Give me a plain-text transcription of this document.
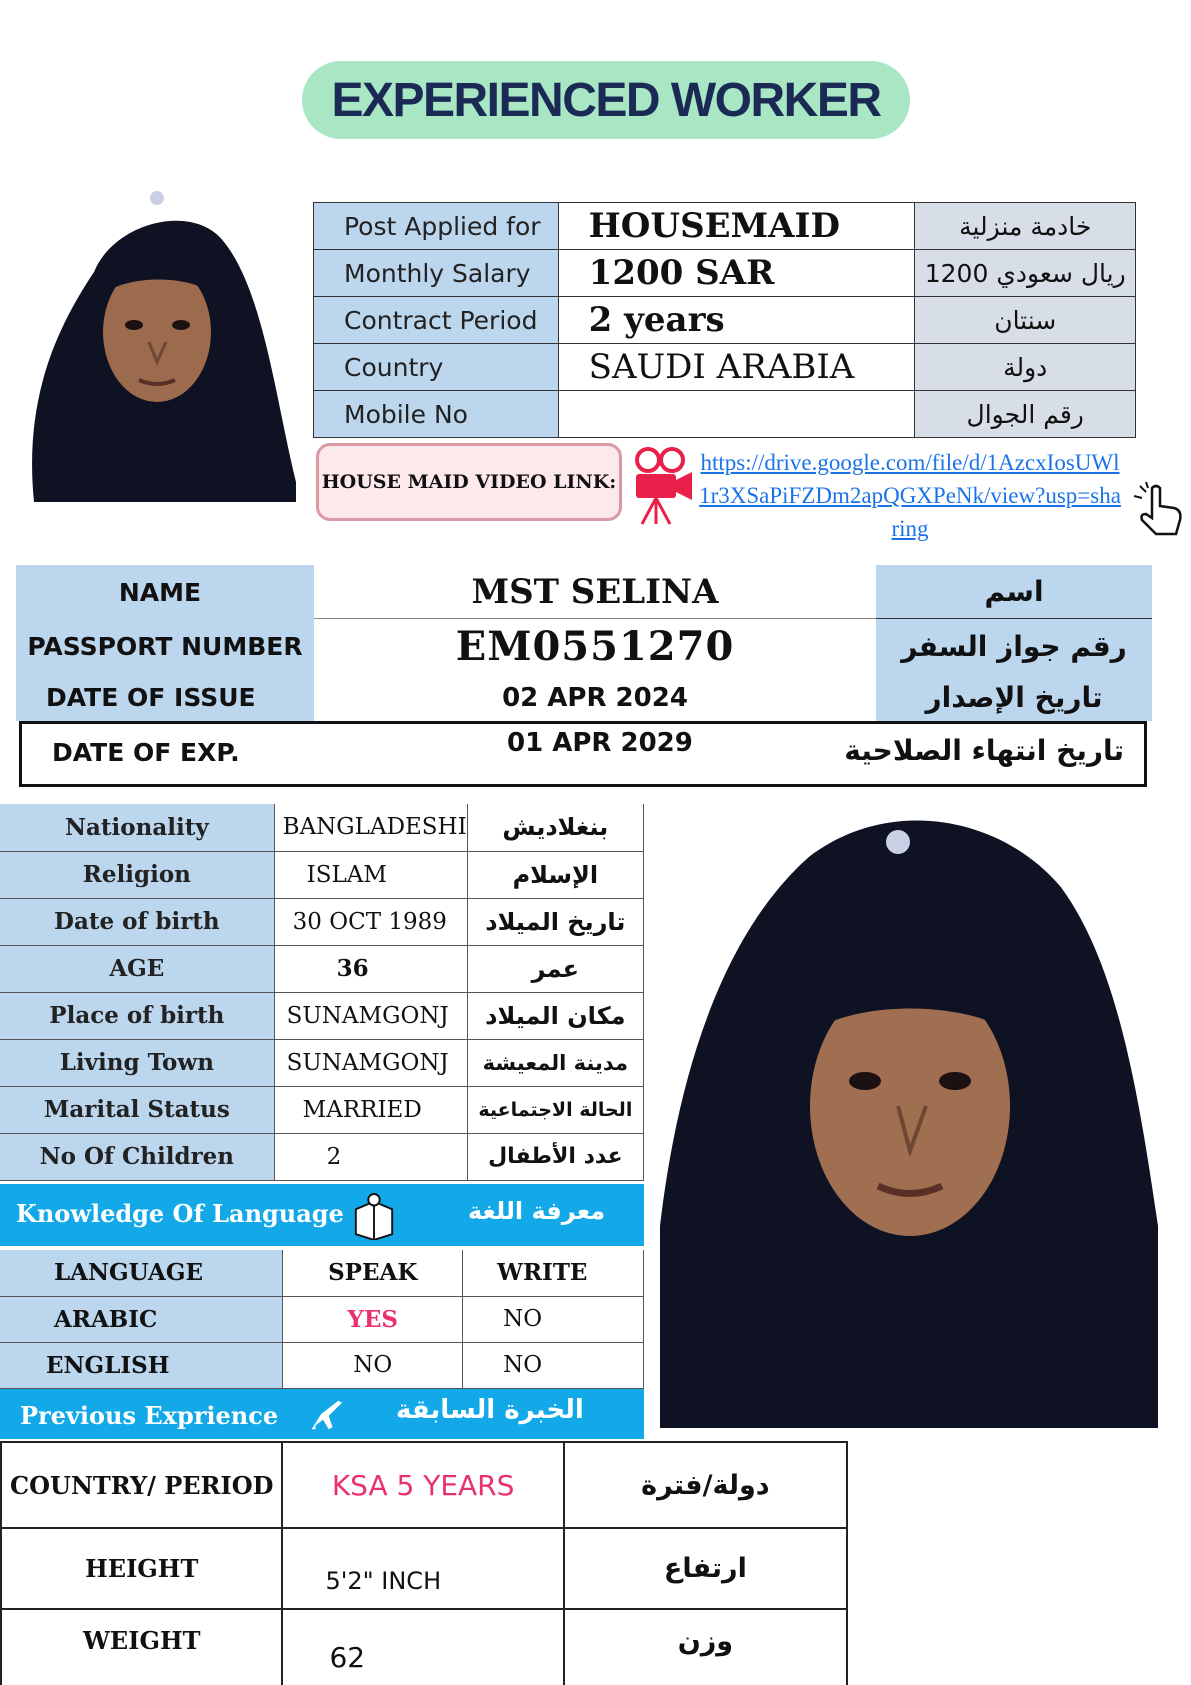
EXPERIENCED WORKER
Post Applied for	HOUSEMAID	خادمة منزلية
Monthly Salary	1200 SAR	1200 ريال سعودي
Contract Period	2 years	سنتان
Country	SAUDI ARABIA	دولة
Mobile No		رقم الجوال
HOUSE MAID VIDEO LINK:
https://drive.google.com/file/d/1AzcxIosUWl1r3XSaPiFZDm2apQGXPeNk/view?usp=sharing
NAME	MST SELINA	اسم
PASSPORT NUMBER	EM0551270	رقم جواز السفر
DATE OF ISSUE	02 APR 2024	تاريخ الإصدار
DATE OF EXP.	01 APR 2029	تاريخ انتهاء الصلاحية
Nationality	BANGLADESHI	بنغلاديش
Religion	ISLAM	الإسلام
Date of birth	30 OCT 1989	تاريخ الميلاد
AGE	36	عمر
Place of birth	SUNAMGONJ	مكان الميلاد
Living Town	SUNAMGONJ	مدينة المعيشة
Marital Status	MARRIED	الحالة الاجتماعية
No Of Children	2	عدد الأطفال
Knowledge Of Language	معرفة اللغة
LANGUAGE	SPEAK	WRITE
ARABIC	YES	NO
ENGLISH	NO	NO
Previous Exprience	الخبرة السابقة
COUNTRY/ PERIOD	KSA 5 YEARS	دولة/فترة
HEIGHT	5'2" INCH	ارتفاع
WEIGHT	62	وزن
